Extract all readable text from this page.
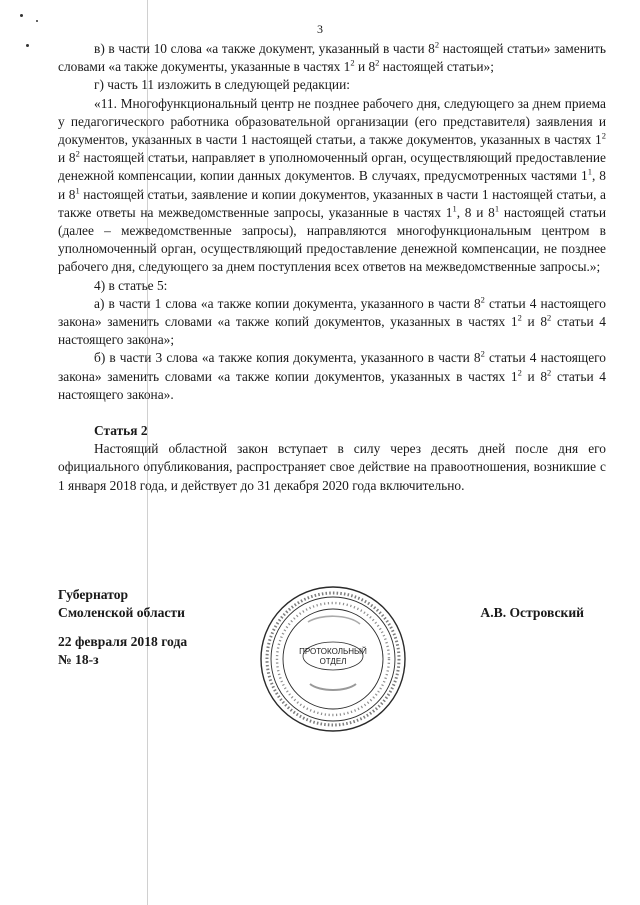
3

в) в части 10 слова «а также документ, указанный в части $8^2$ настоящей статьи» заменить словами «а также документы, указанные в частях $1^2$ и $8^2$ настоящей статьи»;

г) часть 11 изложить в следующей редакции:

«11. Многофункциональный центр не позднее рабочего дня, следующего за днем приема у педагогического работника образовательной организации (его представителя) заявления и документов, указанных в части 1 настоящей статьи, а также документов, указанных в частях $1^2$ и $8^2$ настоящей статьи, направляет в уполномоченный орган, осуществляющий предоставление денежной компенсации, копии данных документов. В случаях, предусмотренных частями $1^1$, 8 и $8^1$ настоящей статьи, заявление и копии документов, указанных в части 1 настоящей статьи, а также ответы на межведомственные запросы, указанные в частях $1^1$, 8 и $8^1$ настоящей статьи (далее – межведомственные запросы), направляются многофункциональным центром в уполномоченный орган, осуществляющий предоставление денежной компенсации, не позднее рабочего дня, следующего за днем поступления всех ответов на межведомственные запросы.»;

4) в статье 5:

а) в части 1 слова «а также копии документа, указанного в части $8^2$ статьи 4 настоящего закона» заменить словами «а также копий документов, указанных в частях $1^2$ и $8^2$ статьи 4 настоящего закона»;

б) в части 3 слова «а также копия документа, указанного в части $8^2$ статьи 4 настоящего закона» заменить словами «а также копии документов, указанных в частях $1^2$ и $8^2$ статьи 4 настоящего закона».

Статья 2

Настоящий областной закон вступает в силу через десять дней после дня его официального опубликования, распространяет свое действие на правоотношения, возникшие с 1 января 2018 года, и действует до 31 декабря 2020 года включительно.

Губернатор
Смоленской области
22 февраля 2018 года
№ 18-з
А.В. Островский
ПРОТОКОЛЬНЫЙ
ОТДЕЛ
